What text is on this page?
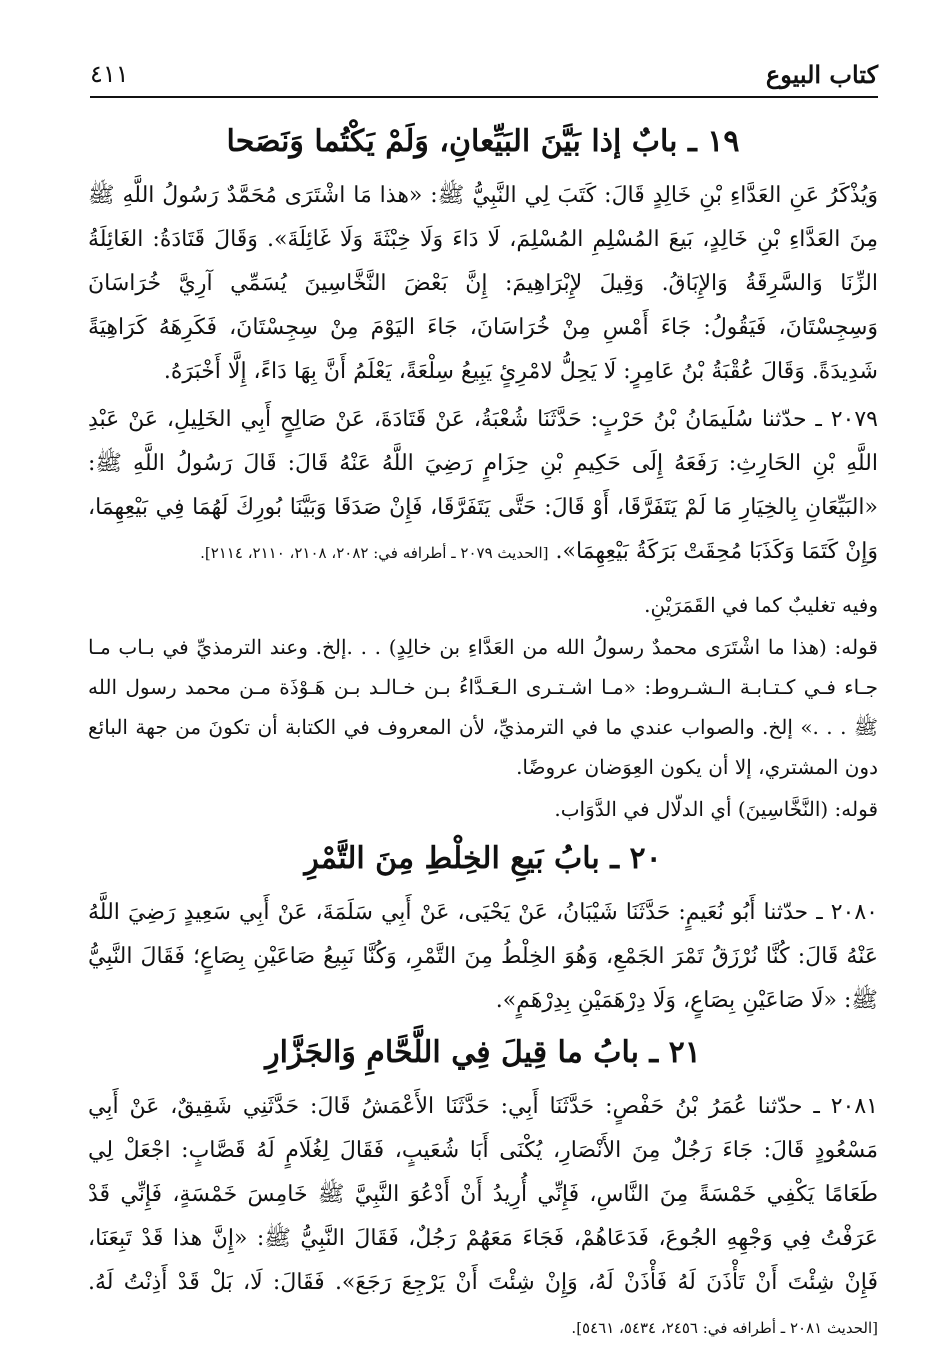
كتاب البيوع
٤١١
١٩ ـ بابٌ إذا بَيَّنَ البَيِّعانِ، وَلَمْ يَكْتُما وَنَصَحا

وَيُذْكَرُ عَنِ العَدَّاءِ بْنِ خَالِدٍ قَالَ: كَتَبَ لِي النَّبِيُّ ﷺ: «هذا مَا اشْتَرَى مُحَمَّدٌ رَسُولُ اللَّهِ ﷺ مِنَ العَدَّاءِ بْنِ خَالِدٍ، بَيعَ المُسْلِمِ المُسْلِمَ، لَا دَاءَ وَلَا خِبْثَةَ وَلَا غَائِلَةَ». وَقَالَ قَتَادَةُ: الغَائِلَةُ الزِّنَا وَالسَّرِقَةُ وَالإِبَاقُ. وَقِيلَ لإِبْرَاهِيمَ: إِنَّ بَعْضَ النَّخَّاسِينَ يُسَمِّي آرِيَّ خُرَاسَانَ وَسِجِسْتَانَ، فَيَقُولُ: جَاءَ أَمْسِ مِنْ خُرَاسَانَ، جَاءَ اليَوْمَ مِنْ سِجِسْتَانَ، فَكَرِهَهُ كَرَاهِيَةً شَدِيدَةً. وَقَالَ عُقْبَةُ بْنُ عَامِرٍ: لَا يَحِلُّ لامْرِئٍ يَبِيعُ سِلْعَةً، يَعْلَمُ أَنَّ بِهَا دَاءً، إِلَّا أَخْبَرَهُ.

٢٠٧٩ ـ حدّثنا سُلَيمَانُ بْنُ حَرْبٍ: حَدَّثَنَا شُعْبَةُ، عَنْ قَتَادَةَ، عَنْ صَالِحٍ أَبِي الخَلِيلِ، عَنْ عَبْدِ اللَّهِ بْنِ الحَارِثِ: رَفَعَهُ إِلَى حَكِيمِ بْنِ حِزَامٍ رَضِيَ اللَّهُ عَنْهُ قَالَ: قَالَ رَسُولُ اللَّهِ ﷺ: «البَيِّعَانِ بِالخِيَارِ مَا لَمْ يَتَفَرَّقَا، أَوْ قَالَ: حَتَّى يَتَفَرَّقَا، فَإِنْ صَدَقَا وَبَيَّنَا بُورِكَ لَهُمَا فِي بَيْعِهِمَا، وَإِنْ كَتَمَا وَكَذَبَا مُحِقَتْ بَرَكَةُ بَيْعِهِمَا». [الحديث ٢٠٧٩ ـ أطرافه في: ٢٠٨٢، ٢١٠٨، ٢١١٠، ٢١١٤].

وفيه تغليبٌ كما في القَمَرَيْنِ.

قوله: (هذا ما اشْتَرَى محمدٌ رسولُ الله من العَدَّاءِ بن خالِدٍ) . . .إلخ. وعند الترمذيِّ في بـاب مـا جـاء فـي كـتـابـة الـشـروط: «مـا اشـتـرى الـعَـدَّاءُ بـن خـالـد بـن هَـوْذَة مـن محمد رسول الله ﷺ . . .» إلخ. والصواب عندي ما في الترمذيِّ، لأن المعروف في الكتابة أن تكونَ من جهة البائع دون المشتري، إلا أن يكون العِوَضان عروضًا.

قوله: (النَّخَّاسِينَ) أي الدلّال في الدَّوَاب.

٢٠ ـ بابُ بَيعِ الخِلْطِ مِنَ التَّمْرِ

٢٠٨٠ ـ حدّثنا أَبُو نُعَيمٍ: حَدَّثَنَا شَيْبَانُ، عَنْ يَحْيَى، عَنْ أَبِي سَلَمَةَ، عَنْ أَبِي سَعِيدٍ رَضِيَ اللَّهُ عَنْهُ قَالَ: كُنَّا نُرْزَقُ تَمْرَ الجَمْعِ، وَهُوَ الخِلْطُ مِنَ التَّمْرِ، وَكُنَّا نَبِيعُ صَاعَيْنِ بِصَاعٍ؛ فَقَالَ النَّبِيُّ ﷺ: «لَا صَاعَيْنِ بِصَاعٍ، وَلَا دِرْهَمَيْنِ بِدِرْهَمٍ».

٢١ ـ بابُ ما قِيلَ فِي اللَّحَّامِ وَالجَزَّارِ

٢٠٨١ ـ حدّثنا عُمَرُ بْنُ حَفْصٍ: حَدَّثَنَا أَبِي: حَدَّثَنَا الأَعْمَشُ قَالَ: حَدَّثَنِي شَقِيقٌ، عَنْ أَبِي مَسْعُودٍ قَالَ: جَاءَ رَجُلٌ مِنَ الأَنْصَارِ، يُكْنَى أَبَا شُعَيبٍ، فَقَالَ لِغُلَامٍ لَهُ قَصَّابٍ: اجْعَلْ لِي طَعَامًا يَكْفِي خَمْسَةً مِنَ النَّاسِ، فَإِنِّي أُرِيدُ أَنْ أَدْعُوَ النَّبِيَّ ﷺ خَامِسَ خَمْسَةٍ، فَإِنِّي قَدْ عَرَفْتُ فِي وَجْهِهِ الجُوعَ، فَدَعَاهُمْ، فَجَاءَ مَعَهُمْ رَجُلٌ، فَقَالَ النَّبِيُّ ﷺ: «إِنَّ هذا قَدْ تَبِعَنَا، فَإِنْ شِئْتَ أَنْ تَأْذَنَ لَهُ فَأْذَنْ لَهُ، وَإِنْ شِئْتَ أَنْ يَرْجِعَ رَجَعَ». فَقَالَ: لَا، بَلْ قَدْ أَذِنْتُ لَهُ. [الحديث ٢٠٨١ ـ أطرافه في: ٢٤٥٦، ٥٤٣٤، ٥٤٦١].
